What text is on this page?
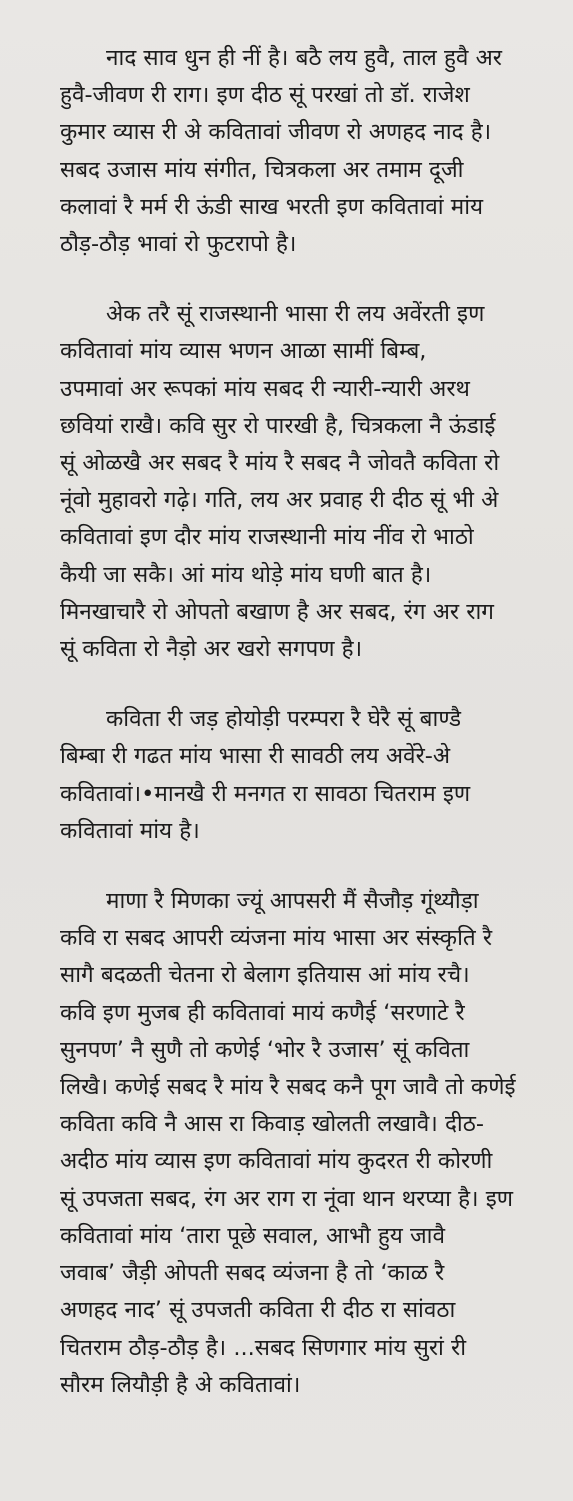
नाद साव धुन ही नीं है। बठै लय हुवै, ताल हुवै अर
हुवै-जीवण री राग। इण दीठ सूं परखां तो डॉ. राजेश
कुमार व्यास री अे कवितावां जीवण रो अणहद नाद है।
सबद उजास मांय संगीत, चित्रकला अर तमाम दूजी
कलावां रै मर्म री ऊंडी साख भरती इण कवितावां मांय
ठौड़-ठौड़ भावां रो फुटरापो है।

अेक तरै सूं राजस्थानी भासा री लय अवेंरती इण
कवितावां मांय व्यास भणन आळा सामीं बिम्ब,
उपमावां अर रूपकां मांय सबद री न्यारी-न्यारी अरथ
छवियां राखै। कवि सुर रो पारखी है, चित्रकला नै ऊंडाई
सूं ओळखै अर सबद रै मांय रै सबद नै जोवतै कविता रो
नूंवो मुहावरो गढ़े। गति, लय अर प्रवाह री दीठ सूं भी अे
कवितावां इण दौर मांय राजस्थानी मांय नींव रो भाठो
कैयी जा सकै। आं मांय थोड़े मांय घणी बात है।
मिनखाचारै रो ओपतो बखाण है अर सबद, रंग अर राग
सूं कविता रो नैड़ो अर खरो सगपण है।

कविता री जड़ होयोड़ी परम्परा रै घेरै सूं बाण्डै
बिम्बा री गढत मांय भासा री सावठी लय अवेंरे-अे
कवितावां।•मानखै री मनगत रा सावठा चितराम इण
कवितावां मांय है।

माणा रै मिणका ज्यूं आपसरी मैं सैजौड़ गूंथ्यौड़ा
कवि रा सबद आपरी व्यंजना मांय भासा अर संस्कृति रै
सागै बदळती चेतना रो बेलाग इतियास आं मांय रचै।
कवि इण मुजब ही कवितावां मायं कणैई ‘सरणाटे रै
सुनपण’ नै सुणै तो कणेई ‘भोर रै उजास’ सूं कविता
लिखै। कणेई सबद रै मांय रै सबद कनै पूग जावै तो कणेई
कविता कवि नै आस रा किवाड़ खोलती लखावै। दीठ-
अदीठ मांय व्यास इण कवितावां मांय कुदरत री कोरणी
सूं उपजता सबद, रंग अर राग रा नूंवा थान थरप्या है। इण
कवितावां मांय ‘तारा पूछे सवाल, आभौ हुय जावै
जवाब’ जैड़ी ओपती सबद व्यंजना है तो ‘काळ रै
अणहद नाद’ सूं उपजती कविता री दीठ रा सांवठा
चितराम ठौड़-ठौड़ है। ...सबद सिणगार मांय सुरां री
सौरम लियौड़ी है अे कवितावां।
